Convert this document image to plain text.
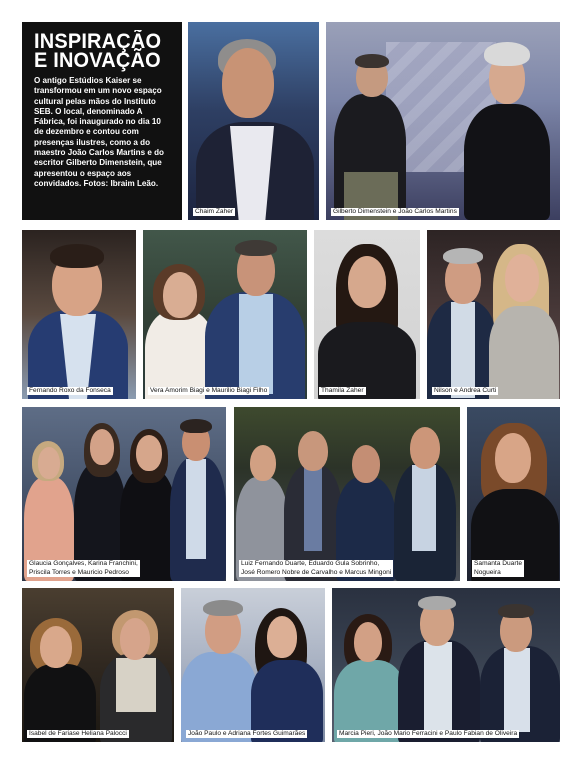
INSPIRAÇÃO
E INOVAÇÃO

O antigo Estúdios Kaiser se transformou em um novo espaço cultural pelas mãos do Instituto SEB. O local, denominado A Fábrica, foi inaugurado no dia 10 de dezembro e contou com presenças ilustres, como a do maestro João Carlos Martins e do escritor Gilberto Dimenstein, que apresentou o espaço aos convidados. Fotos: Ibraim Leão.

Chaim Zaher	Gilberto Dimenstein e João Carlos Martins
Fernando Roxo da Fonseca	Vera Amorim Biagi e Maurilio Biagi Filho	Thamila Zaher	Nilson e Andrea Curti
Glaucia Gonçalves, Karina Franchini,
Priscila Torres e Mauricio Pedroso
Luiz Fernando Duarte, Eduardo Gula Sobrinho,
José Romero Nobre de Carvalho e Marcus Mingoni
Samanta Duarte
Nogueira
Isabel de Fariase Heliana Palocci	João Paulo e Adriana Fortes Guimarães	Marcia Pieri, João Mario Ferracini e Paulo Fabian de Oliveira
